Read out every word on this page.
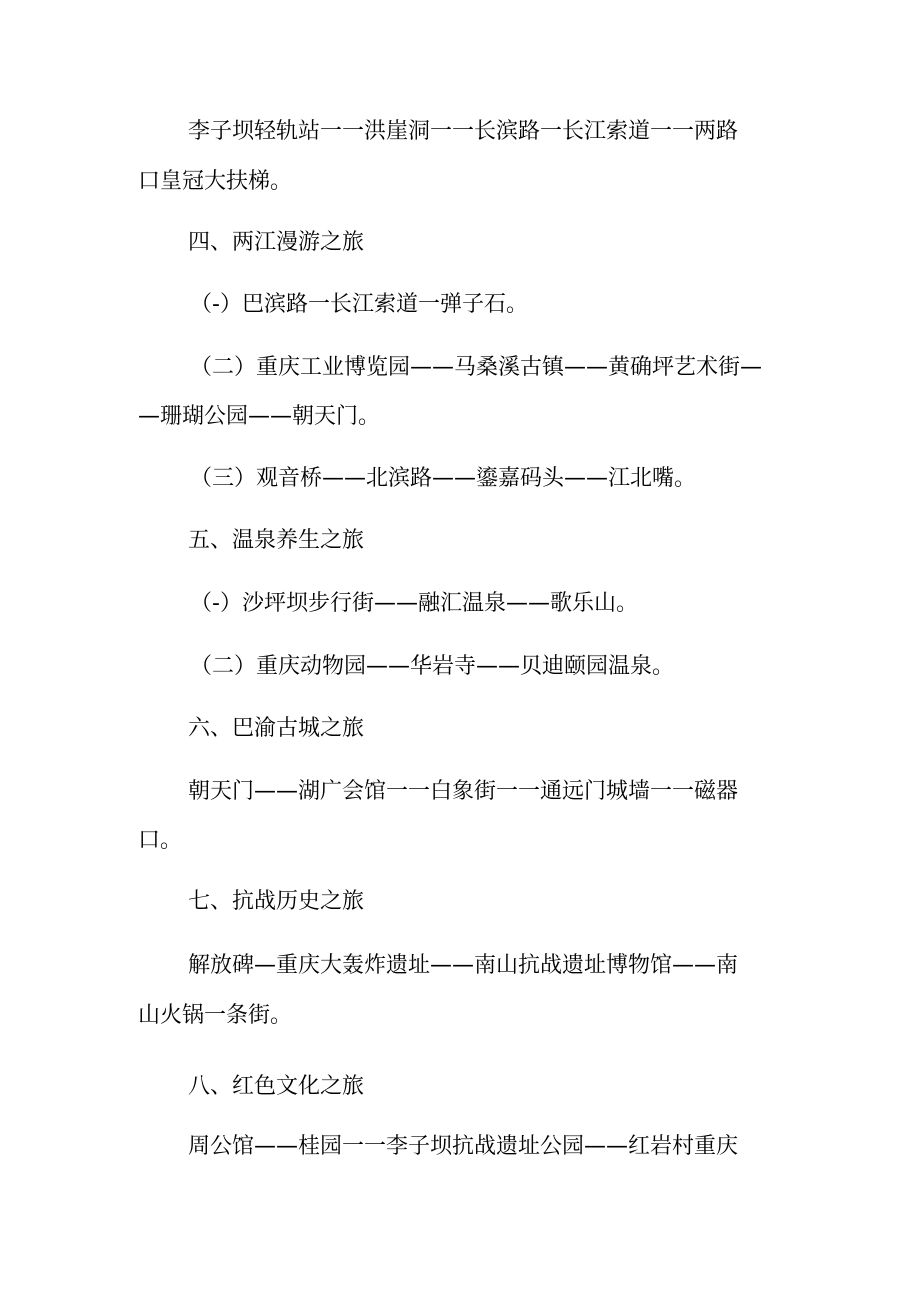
李子坝轻轨站一一洪崖洞一一长滨路一长江索道一一两路
口皇冠大扶梯。
四、两江漫游之旅
（-）巴滨路一长江索道一弹子石。
（二）重庆工业博览园——马桑溪古镇——黄确坪艺术街—
—珊瑚公园——朝天门。
（三）观音桥——北滨路——鎏嘉码头——江北嘴。
五、温泉养生之旅
（-）沙坪坝步行街——融汇温泉——歌乐山。
（二）重庆动物园——华岩寺——贝迪颐园温泉。
六、巴渝古城之旅
朝天门——湖广会馆一一白象街一一通远门城墙一一磁器
口。
七、抗战历史之旅
解放碑—重庆大轰炸遗址——南山抗战遗址博物馆——南
山火锅一条街。
八、红色文化之旅
周公馆——桂园一一李子坝抗战遗址公园——红岩村重庆
